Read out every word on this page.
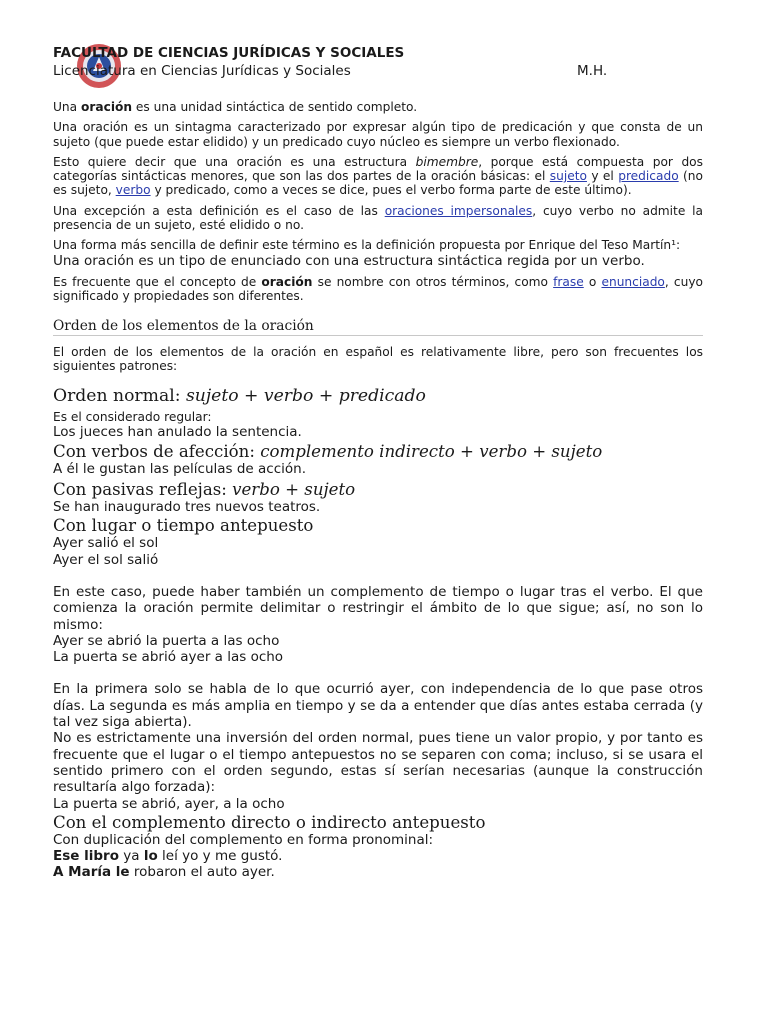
FACULTAD DE CIENCIAS JURÍDICAS Y SOCIALES
Licenciatura en Ciencias Jurídicas y Sociales	M.H.

Una oración es una unidad sintáctica de sentido completo.

Una oración es un sintagma caracterizado por expresar algún tipo de predicación y que consta de un sujeto (que puede estar elidido) y un predicado cuyo núcleo es siempre un verbo flexionado.

Esto quiere decir que una oración es una estructura bimembre, porque está compuesta por dos categorías sintácticas menores, que son las dos partes de la oración básicas: el sujeto y el predicado (no es sujeto, verbo y predicado, como a veces se dice, pues el verbo forma parte de este último).

Una excepción a esta definición es el caso de las oraciones impersonales, cuyo verbo no admite la presencia de un sujeto, esté elidido o no.

Una forma más sencilla de definir este término es la definición propuesta por Enrique del Teso Martín¹:

Una oración es un tipo de enunciado con una estructura sintáctica regida por un verbo.

Es frecuente que el concepto de oración se nombre con otros términos, como frase o enunciado, cuyo significado y propiedades son diferentes.

Orden de los elementos de la oración

El orden de los elementos de la oración en español es relativamente libre, pero son frecuentes los siguientes patrones:

Orden normal: sujeto + verbo + predicado

Es el considerado regular:

Los jueces han anulado la sentencia.

Con verbos de afección: complemento indirecto + verbo + sujeto

A él le gustan las películas de acción.

Con pasivas reflejas: verbo + sujeto

Se han inaugurado tres nuevos teatros.

Con lugar o tiempo antepuesto

Ayer salió el sol

Ayer el sol salió

En este caso, puede haber también un complemento de tiempo o lugar tras el verbo. El que comienza la oración permite delimitar o restringir el ámbito de lo que sigue; así, no son lo mismo:

Ayer se abrió la puerta a las ocho

La puerta se abrió ayer a las ocho

En la primera solo se habla de lo que ocurrió ayer, con independencia de lo que pase otros días. La segunda es más amplia en tiempo y se da a entender que días antes estaba cerrada (y tal vez siga abierta).

No es estrictamente una inversión del orden normal, pues tiene un valor propio, y por tanto es frecuente que el lugar o el tiempo antepuestos no se separen con coma; incluso, si se usara el sentido primero con el orden segundo, estas sí serían necesarias (aunque la construcción resultaría algo forzada):

La puerta se abrió, ayer, a la ocho

Con el complemento directo o indirecto antepuesto

Con duplicación del complemento en forma pronominal:

Ese libro ya lo leí yo y me gustó.

A María le robaron el auto ayer.
